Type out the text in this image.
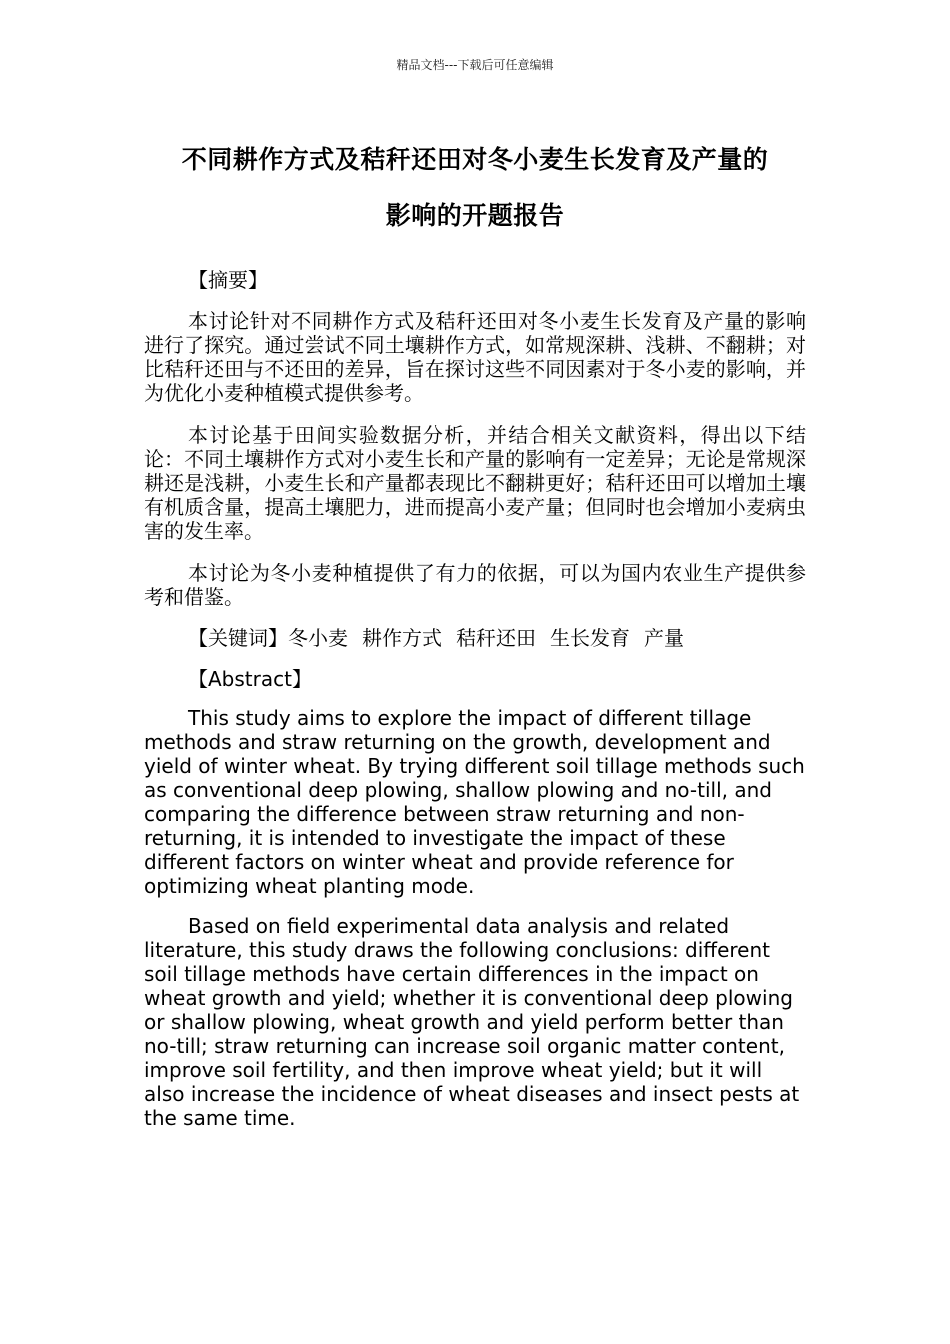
精品文档---下载后可任意编辑
不同耕作方式及秸秆还田对冬小麦生长发育及产量的
影响的开题报告

【摘要】

本讨论针对不同耕作方式及秸秆还田对冬小麦生长发育及产量的影响进行了探究。通过尝试不同土壤耕作方式，如常规深耕、浅耕、不翻耕；对比秸秆还田与不还田的差异，旨在探讨这些不同因素对于冬小麦的影响，并为优化小麦种植模式提供参考。

本讨论基于田间实验数据分析，并结合相关文献资料，得出以下结论：不同土壤耕作方式对小麦生长和产量的影响有一定差异；无论是常规深耕还是浅耕，小麦生长和产量都表现比不翻耕更好；秸秆还田可以增加土壤有机质含量，提高土壤肥力，进而提高小麦产量；但同时也会增加小麦病虫害的发生率。

本讨论为冬小麦种植提供了有力的依据，可以为国内农业生产提供参考和借鉴。

【关键词】冬小麦 耕作方式 秸秆还田 生长发育 产量

【Abstract】

This study aims to explore the impact of different tillage methods and straw returning on the growth, development and yield of winter wheat. By trying different soil tillage methods such as conventional deep plowing, shallow plowing and no-till, and comparing the difference between straw returning and non-returning, it is intended to investigate the impact of these different factors on winter wheat and provide reference for optimizing wheat planting mode.

Based on field experimental data analysis and related literature, this study draws the following conclusions: different soil tillage methods have certain differences in the impact on wheat growth and yield; whether it is conventional deep plowing or shallow plowing, wheat growth and yield perform better than no-till; straw returning can increase soil organic matter content, improve soil fertility, and then improve wheat yield; but it will also increase the incidence of wheat diseases and insect pests at the same time.
